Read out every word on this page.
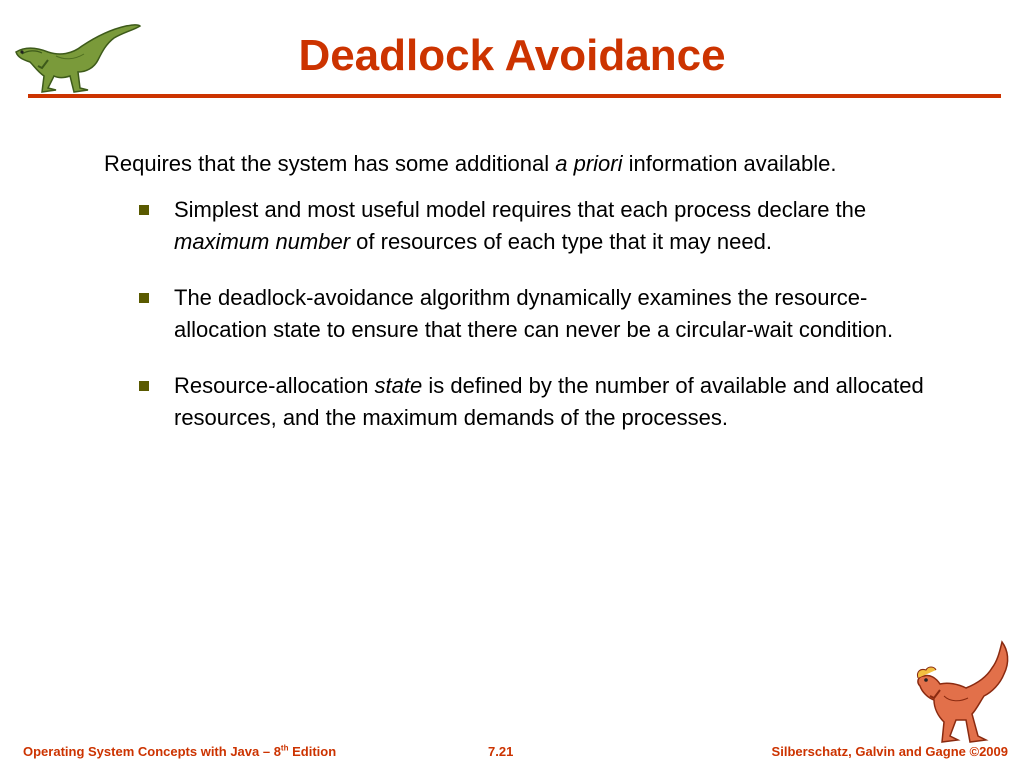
Deadlock Avoidance

Requires that the system has some additional a priori information available.

Simplest and most useful model requires that each process declare the maximum number of resources of each type that it may need.
The deadlock-avoidance algorithm dynamically examines the resource-allocation state to ensure that there can never be a circular-wait condition.
Resource-allocation state is defined by the number of available and allocated resources, and the maximum demands of the processes.
Operating System Concepts with Java – 8th Edition	7.21	Silberschatz, Galvin and Gagne ©2009
